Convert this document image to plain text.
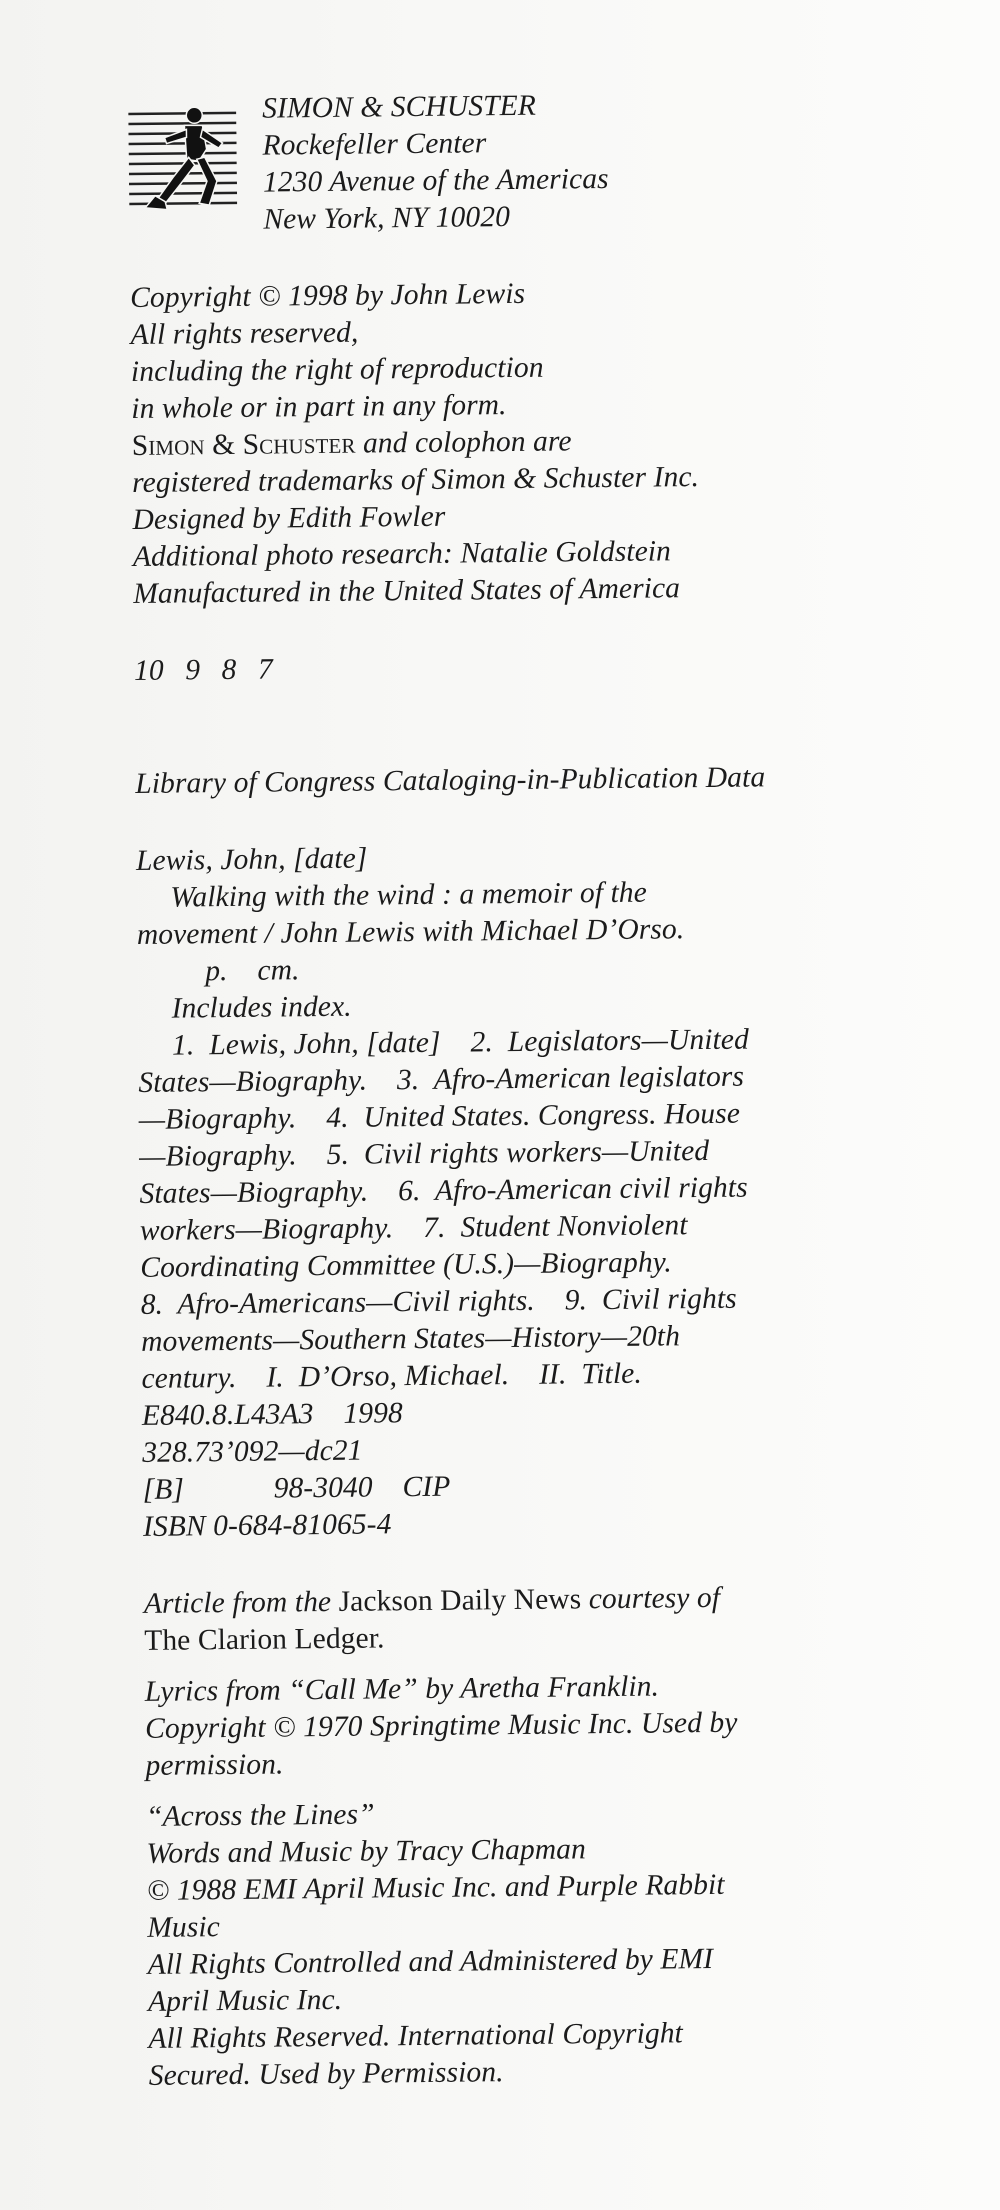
SIMON & SCHUSTER
Rockefeller Center
1230 Avenue of the Americas
New York, NY 10020
Copyright © 1998 by John Lewis
All rights reserved,
including the right of reproduction
in whole or in part in any form.
Simon & Schuster and colophon are
registered trademarks of Simon & Schuster Inc.
Designed by Edith Fowler
Additional photo research: Natalie Goldstein
Manufactured in the United States of America
10 9 8 7
Library of Congress Cataloging-in-Publication Data
Lewis, John, [date]
Walking with the wind : a memoir of the
movement / John Lewis with Michael D’Orso.
p.    cm.
Includes index.
1.  Lewis, John, [date]    2.  Legislators—United
States—Biography.    3.  Afro-American legislators
—Biography.    4.  United States. Congress. House
—Biography.    5.  Civil rights workers—United
States—Biography.    6.  Afro-American civil rights
workers—Biography.    7.  Student Nonviolent
Coordinating Committee (U.S.)—Biography.
8.  Afro-Americans—Civil rights.    9.  Civil rights
movements—Southern States—History—20th
century.    I.  D’Orso, Michael.    II.  Title.
E840.8.L43A3    1998
328.73’092—dc21
[B]            98-3040    CIP
ISBN 0-684-81065-4
Article from the Jackson Daily News courtesy of
The Clarion Ledger.
Lyrics from “Call Me” by Aretha Franklin.
Copyright © 1970 Springtime Music Inc. Used by
permission.
“Across the Lines”
Words and Music by Tracy Chapman
© 1988 EMI April Music Inc. and Purple Rabbit
Music
All Rights Controlled and Administered by EMI
April Music Inc.
All Rights Reserved. International Copyright
Secured. Used by Permission.
